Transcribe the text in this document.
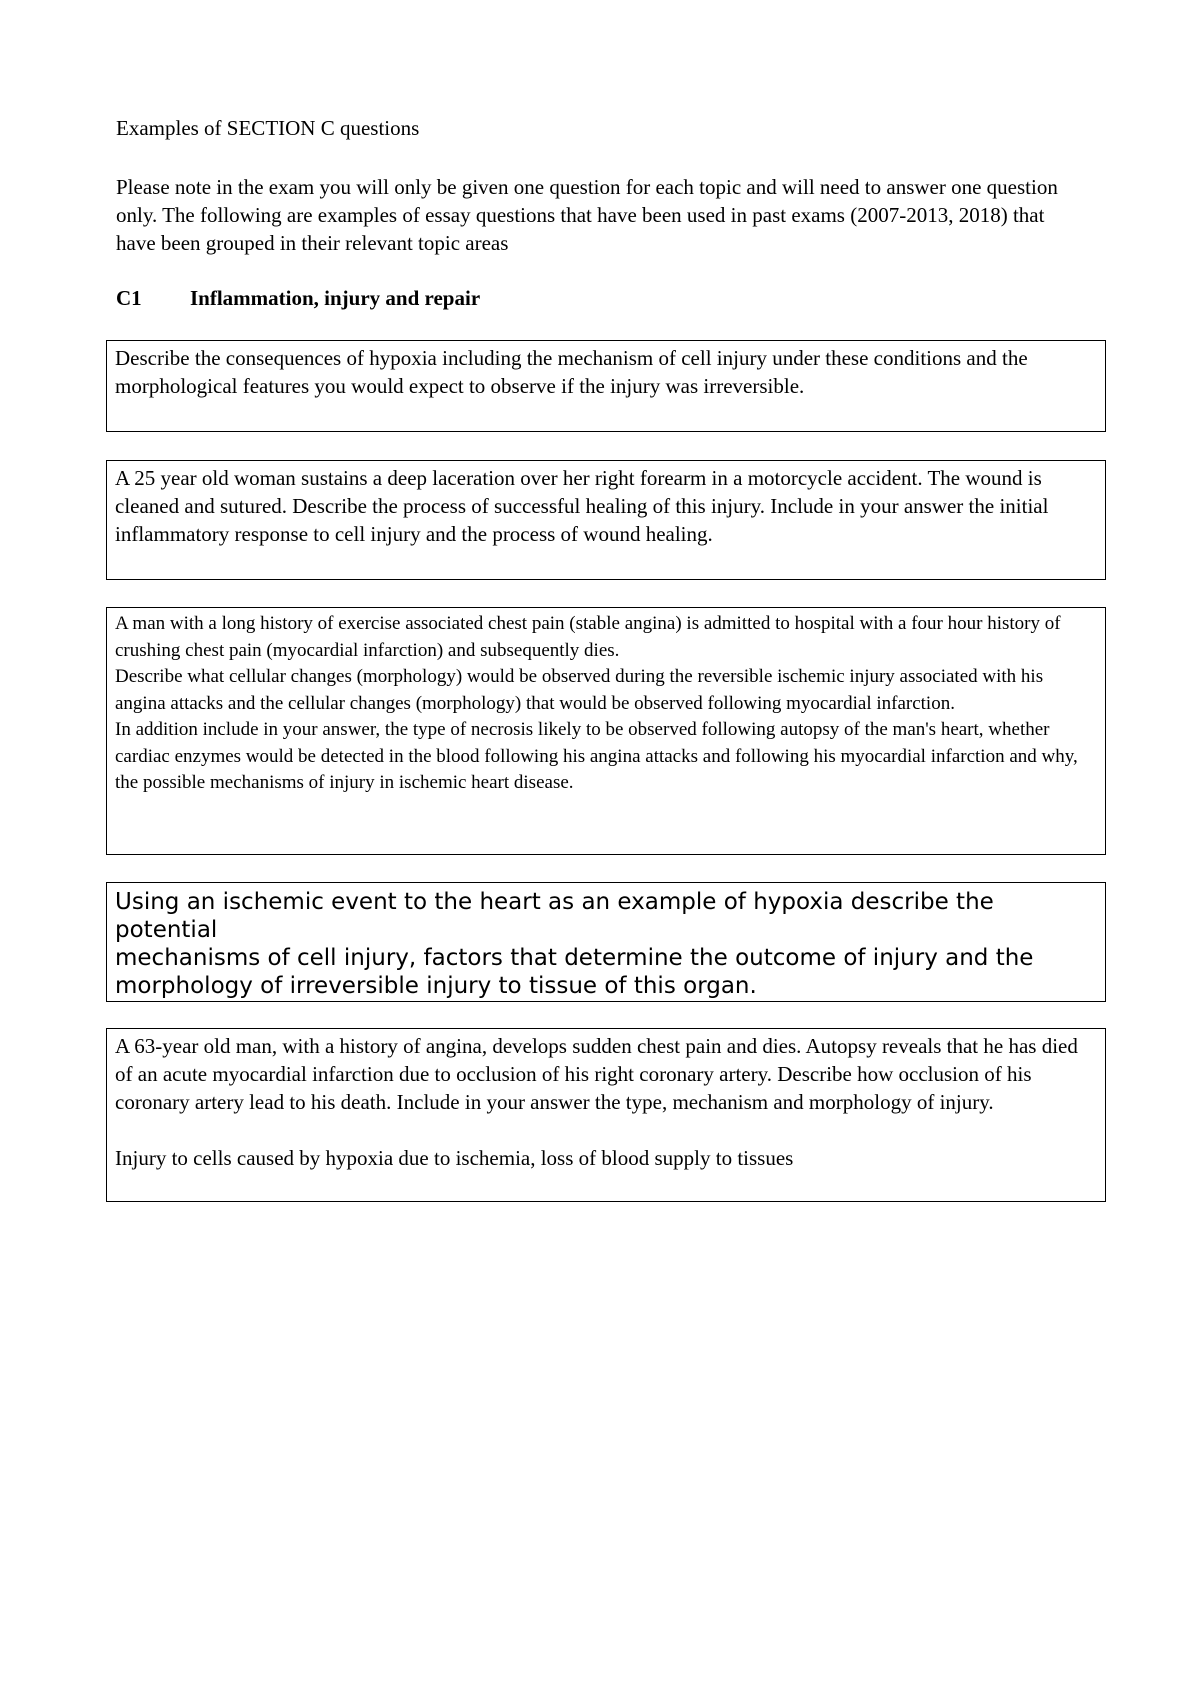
Examples of SECTION C questions

Please note in the exam you will only be given one question for each topic and will need to answer one question only. The following are examples of essay questions that have been used in past exams (2007-2013, 2018) that have been grouped in their relevant topic areas

C1 Inflammation, injury and repair

Describe the consequences of hypoxia including the mechanism of cell injury under these conditions and the morphological features you would expect to observe if the injury was irreversible.

A 25 year old woman sustains a deep laceration over her right forearm in a motorcycle accident. The wound is cleaned and sutured. Describe the process of successful healing of this injury. Include in your answer the initial inflammatory response to cell injury and the process of wound healing.

A man with a long history of exercise associated chest pain (stable angina) is admitted to hospital with a four hour history of crushing chest pain (myocardial infarction) and subsequently dies.

Describe what cellular changes (morphology) would be observed during the reversible ischemic injury associated with his angina attacks and the cellular changes (morphology) that would be observed following myocardial infarction.

In addition include in your answer, the type of necrosis likely to be observed following autopsy of the man's heart, whether cardiac enzymes would be detected in the blood following his angina attacks and following his myocardial infarction and why, the possible mechanisms of injury in ischemic heart disease.

Using an ischemic event to the heart as an example of hypoxia describe the potential

mechanisms of cell injury, factors that determine the outcome of injury and the morphology of irreversible injury to tissue of this organ.

A 63-year old man, with a history of angina, develops sudden chest pain and dies. Autopsy reveals that he has died of an acute myocardial infarction due to occlusion of his right coronary artery. Describe how occlusion of his coronary artery lead to his death. Include in your answer the type, mechanism and morphology of injury.

Injury to cells caused by hypoxia due to ischemia, loss of blood supply to tissues
